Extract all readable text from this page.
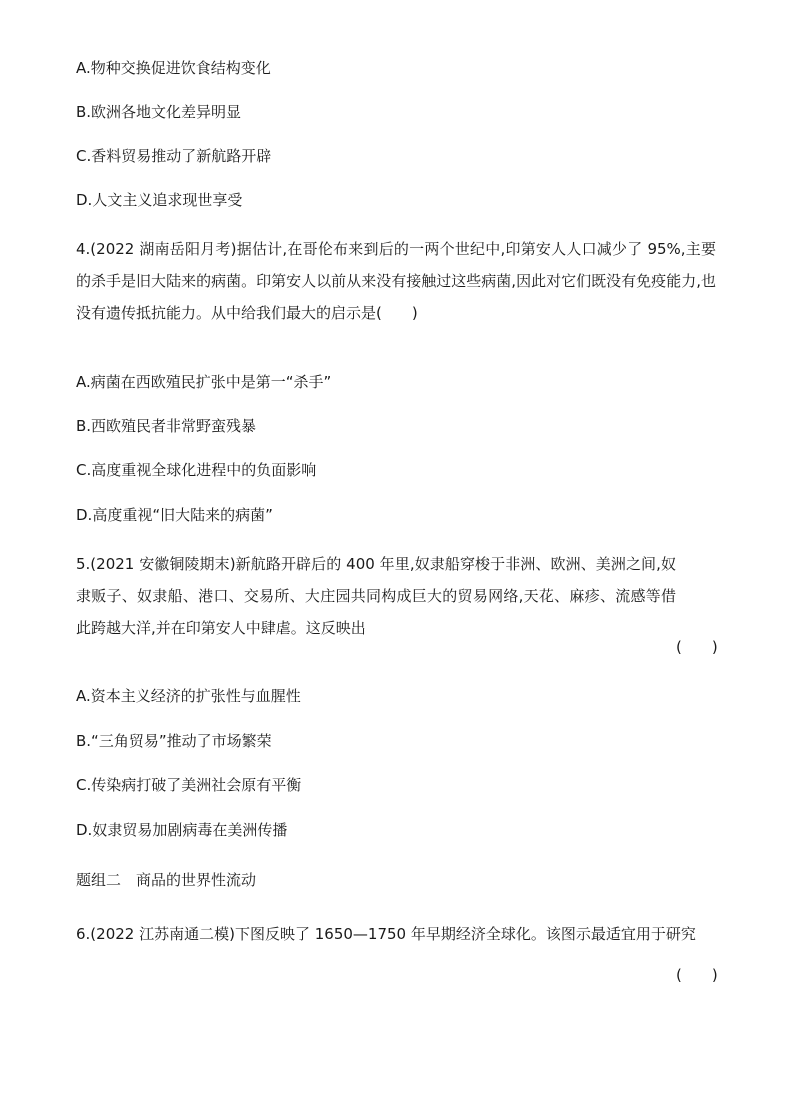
A.物种交换促进饮食结构变化
B.欧洲各地文化差异明显
C.香料贸易推动了新航路开辟
D.人文主义追求现世享受
4.(2022 湖南岳阳月考)据估计,在哥伦布来到后的一两个世纪中,印第安人人口减少了 95%,主要的杀手是旧大陆来的病菌。印第安人以前从来没有接触过这些病菌,因此对它们既没有免疫能力,也没有遗传抵抗能力。从中给我们最大的启示是(　　)
A.病菌在西欧殖民扩张中是第一“杀手”
B.西欧殖民者非常野蛮残暴
C.高度重视全球化进程中的负面影响
D.高度重视“旧大陆来的病菌”
5.(2021 安徽铜陵期末)新航路开辟后的 400 年里,奴隶船穿梭于非洲、欧洲、美洲之间,奴隶贩子、奴隶船、港口、交易所、大庄园共同构成巨大的贸易网络,天花、麻疹、流感等借此跨越大洋,并在印第安人中肆虐。这反映出
(　　)
A.资本主义经济的扩张性与血腥性
B.“三角贸易”推动了市场繁荣
C.传染病打破了美洲社会原有平衡
D.奴隶贸易加剧病毒在美洲传播
题组二　商品的世界性流动
6.(2022 江苏南通二模)下图反映了 1650—1750 年早期经济全球化。该图示最适宜用于研究
(　　)
